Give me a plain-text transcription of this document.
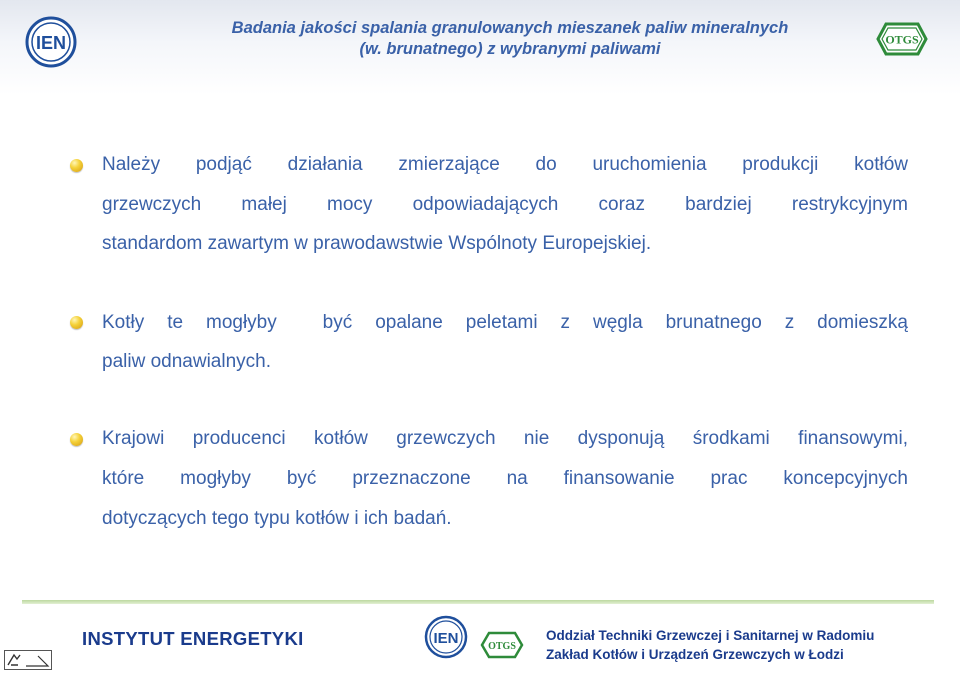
IEN
Badania jakości spalania granulowanych mieszanek paliw mineralnych
(w. brunatnego) z wybranymi paliwami
OTGS
Należy podjąć działania zmierzające do uruchomienia produkcji kotłów
grzewczych małej mocy odpowiadających coraz bardziej restrykcyjnym
standardom zawartym w prawodawstwie Wspólnoty Europejskiej.
Kotły te mogłyby  być opalane peletami z węgla brunatnego z domieszką
paliw odnawialnych.
Krajowi producenci kotłów grzewczych nie dysponują środkami finansowymi,
które mogłyby być przeznaczone na finansowanie prac koncepcyjnych
dotyczących tego typu kotłów i ich badań.
INSTYTUT ENERGETYKI	IEN	OTGS
Oddział Techniki Grzewczej i Sanitarnej w Radomiu
Zakład Kotłów i Urządzeń Grzewczych w Łodzi
